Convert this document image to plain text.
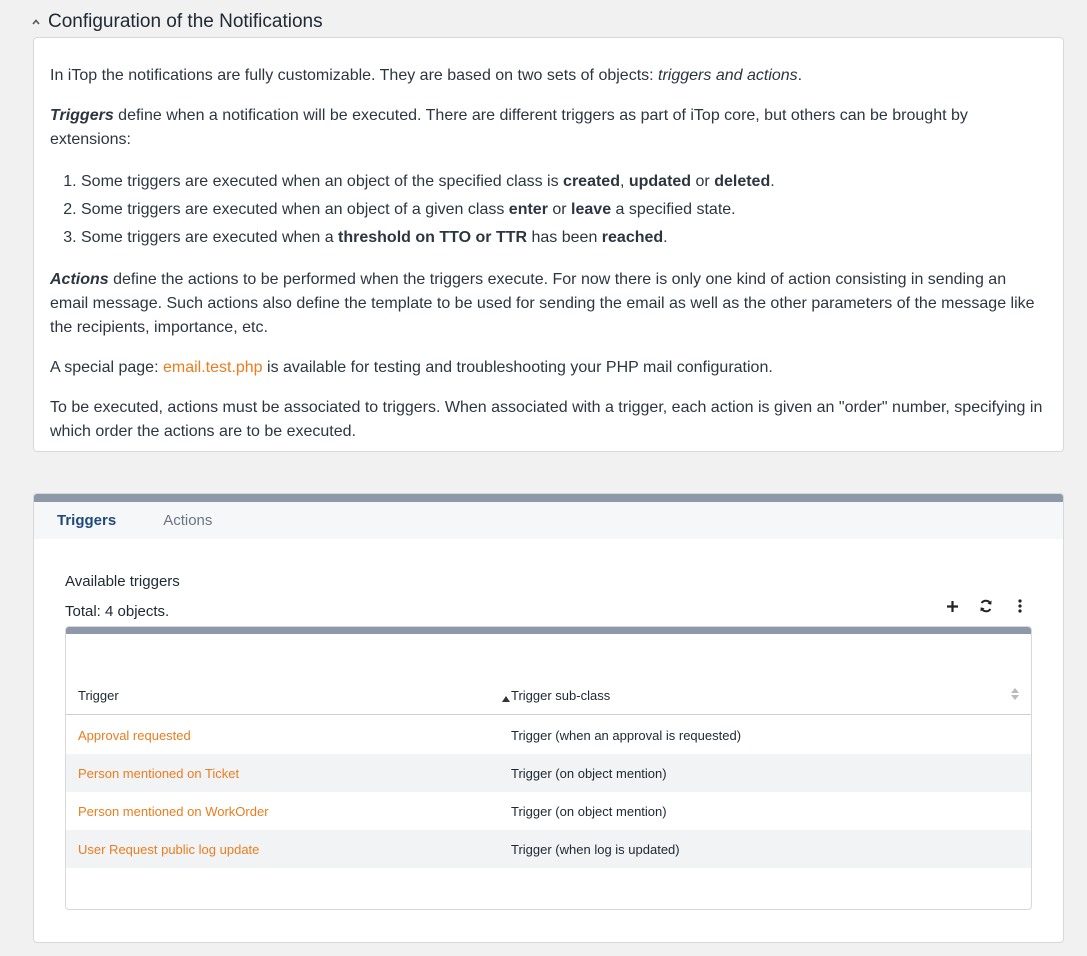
Configuration of the Notifications

In iTop the notifications are fully customizable. They are based on two sets of objects: triggers and actions.

Triggers define when a notification will be executed. There are different triggers as part of iTop core, but others can be brought by extensions:

1. Some triggers are executed when an object of the specified class is created, updated or deleted.
2. Some triggers are executed when an object of a given class enter or leave a specified state.
3. Some triggers are executed when a threshold on TTO or TTR has been reached.

Actions define the actions to be performed when the triggers execute. For now there is only one kind of action consisting in sending an email message. Such actions also define the template to be used for sending the email as well as the other parameters of the message like the recipients, importance, etc.

A special page: email.test.php is available for testing and troubleshooting your PHP mail configuration.

To be executed, actions must be associated to triggers. When associated with a trigger, each action is given an "order" number, specifying in which order the actions are to be executed.

Triggers	Actions
Available triggers
Total: 4 objects.
Trigger	Trigger sub-class
Approval requested	Trigger (when an approval is requested)
Person mentioned on Ticket	Trigger (on object mention)
Person mentioned on WorkOrder	Trigger (on object mention)
User Request public log update	Trigger (when log is updated)
